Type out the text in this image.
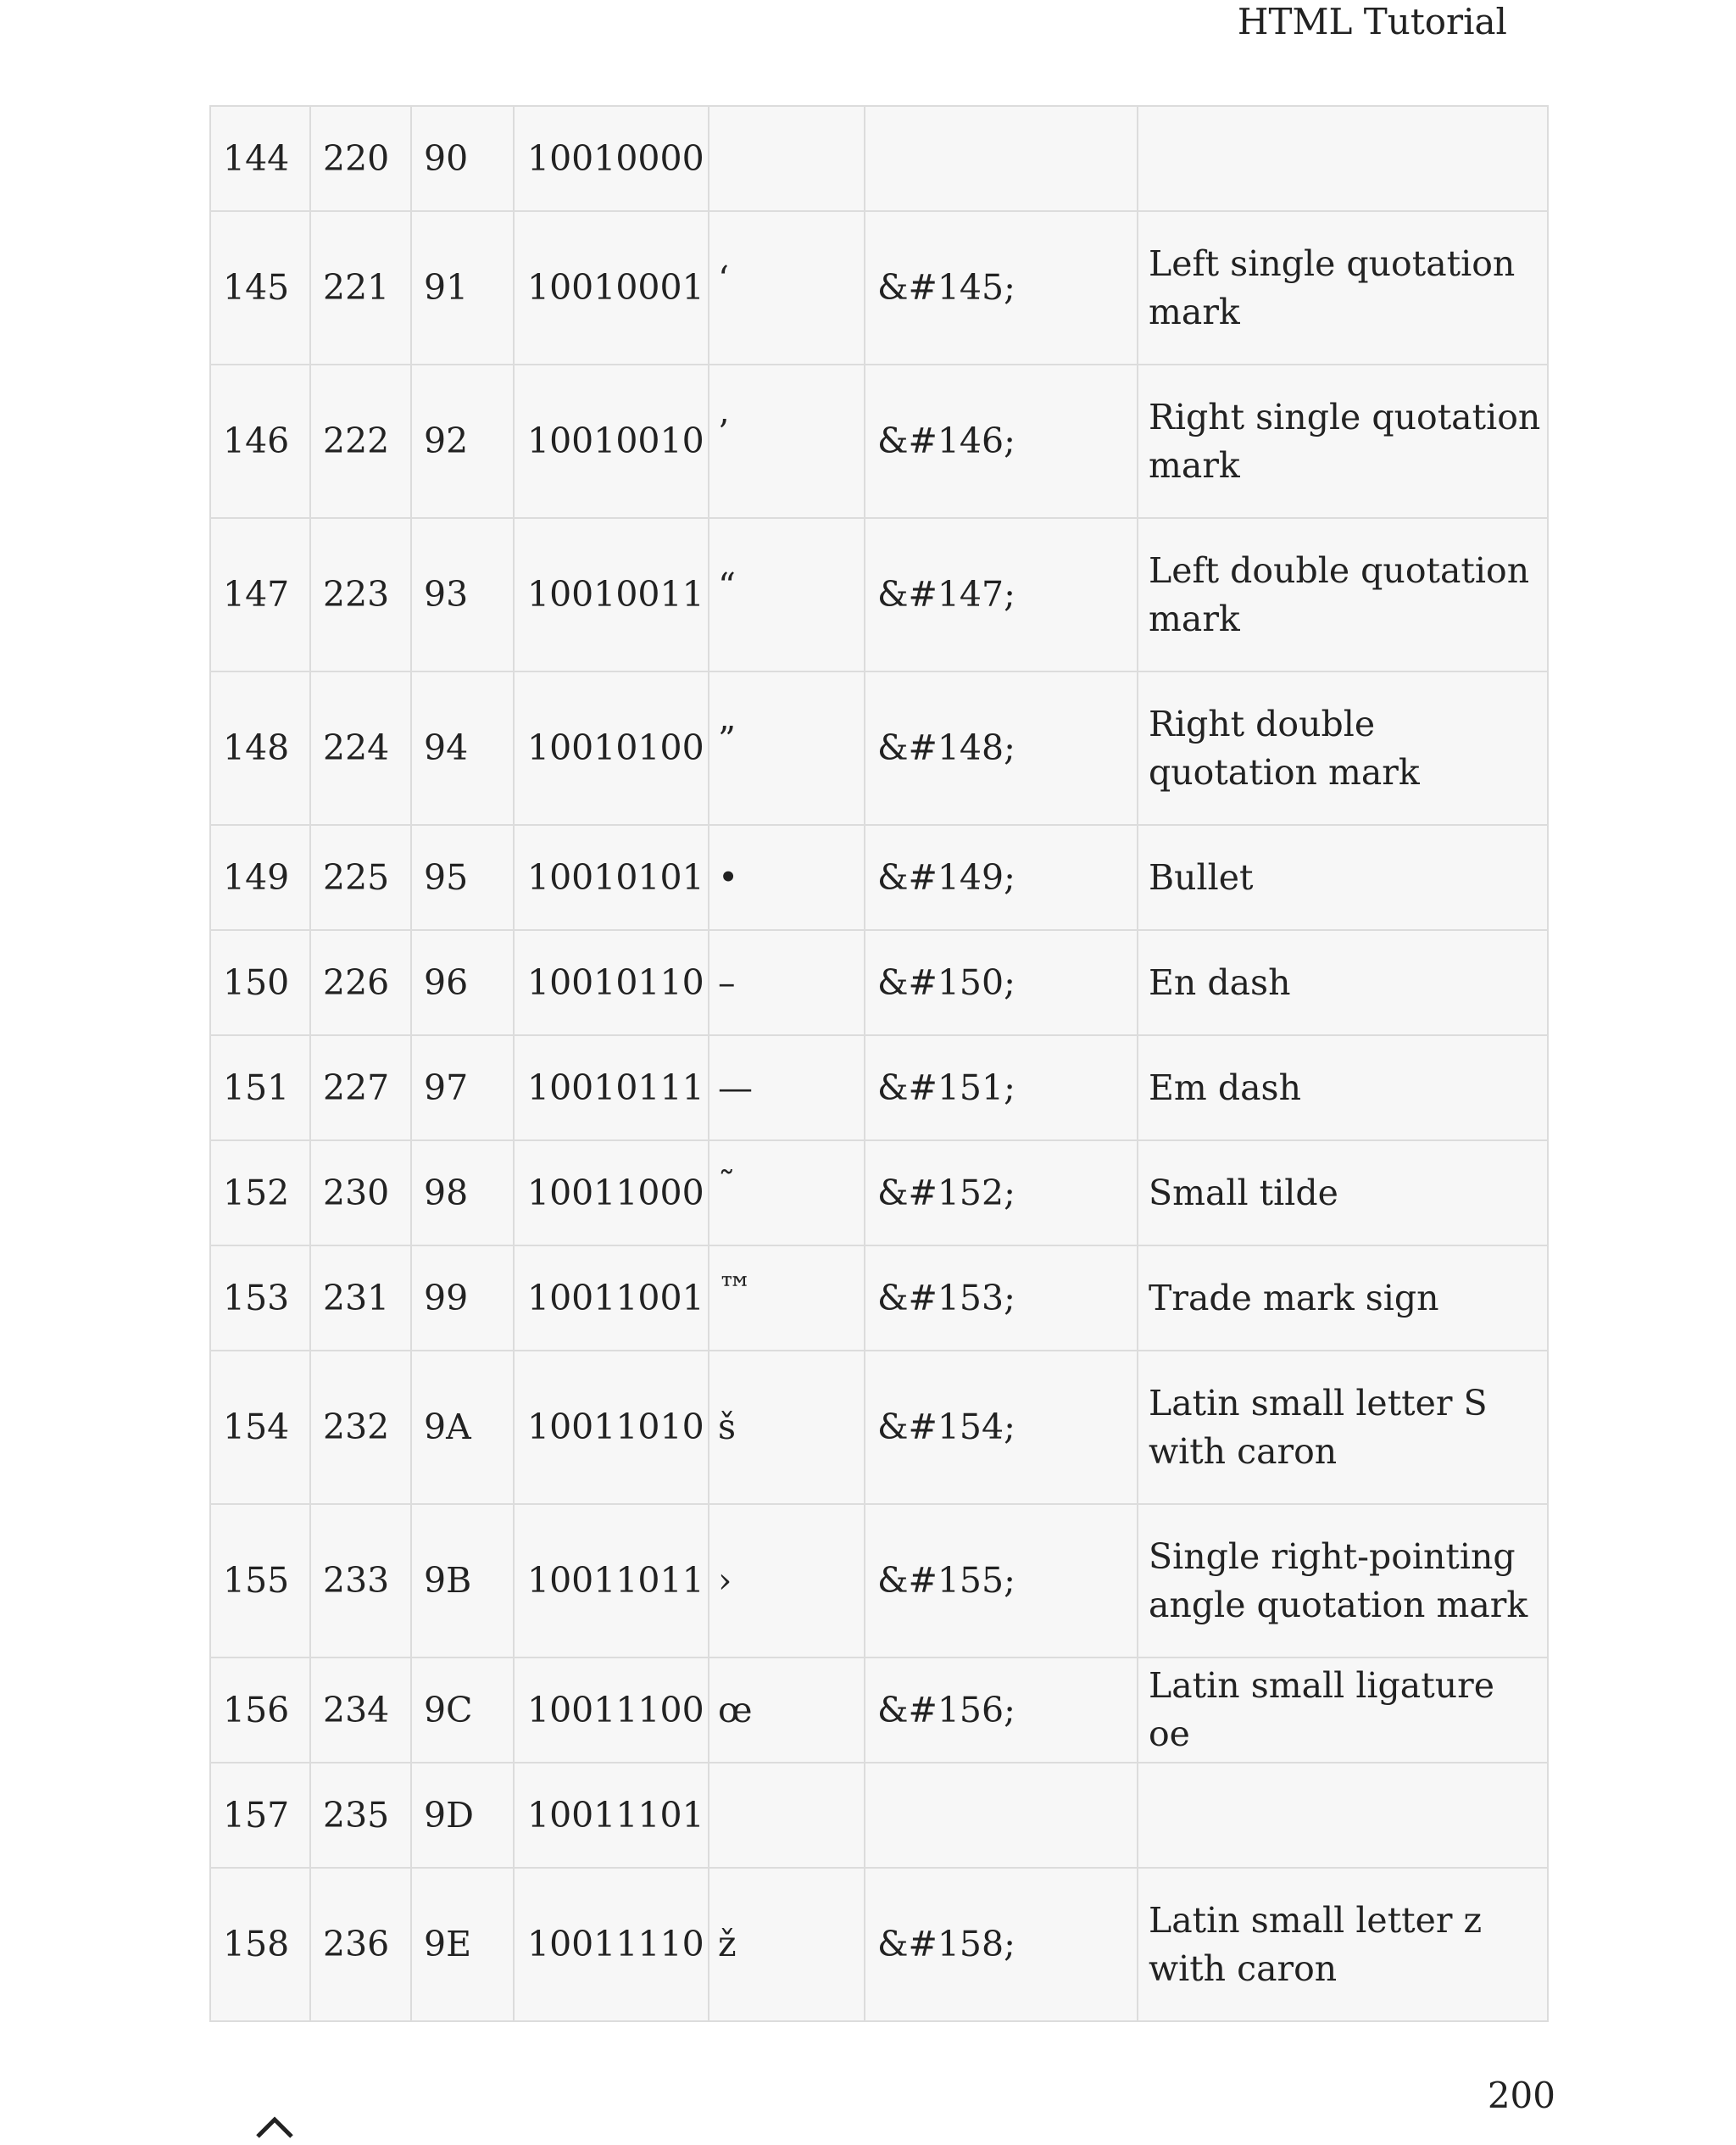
HTML Tutorial
144	220	90	10010000			
145	221	91	10010001	‘	&#145;	Left single quotation mark
146	222	92	10010010	’	&#146;	Right single quotation mark
147	223	93	10010011	“	&#147;	Left double quotation mark
148	224	94	10010100	”	&#148;	Right double quotation mark
149	225	95	10010101	•	&#149;	Bullet
150	226	96	10010110	–	&#150;	En dash
151	227	97	10010111	—	&#151;	Em dash
152	230	98	10011000	˜	&#152;	Small tilde
153	231	99	10011001	™	&#153;	Trade mark sign
154	232	9A	10011010	š	&#154;	Latin small letter S with caron
155	233	9B	10011011	›	&#155;	Single right-pointing angle quotation mark
156	234	9C	10011100	œ	&#156;	Latin small ligature oe
157	235	9D	10011101			
158	236	9E	10011110	ž	&#158;	Latin small letter z with caron
200
